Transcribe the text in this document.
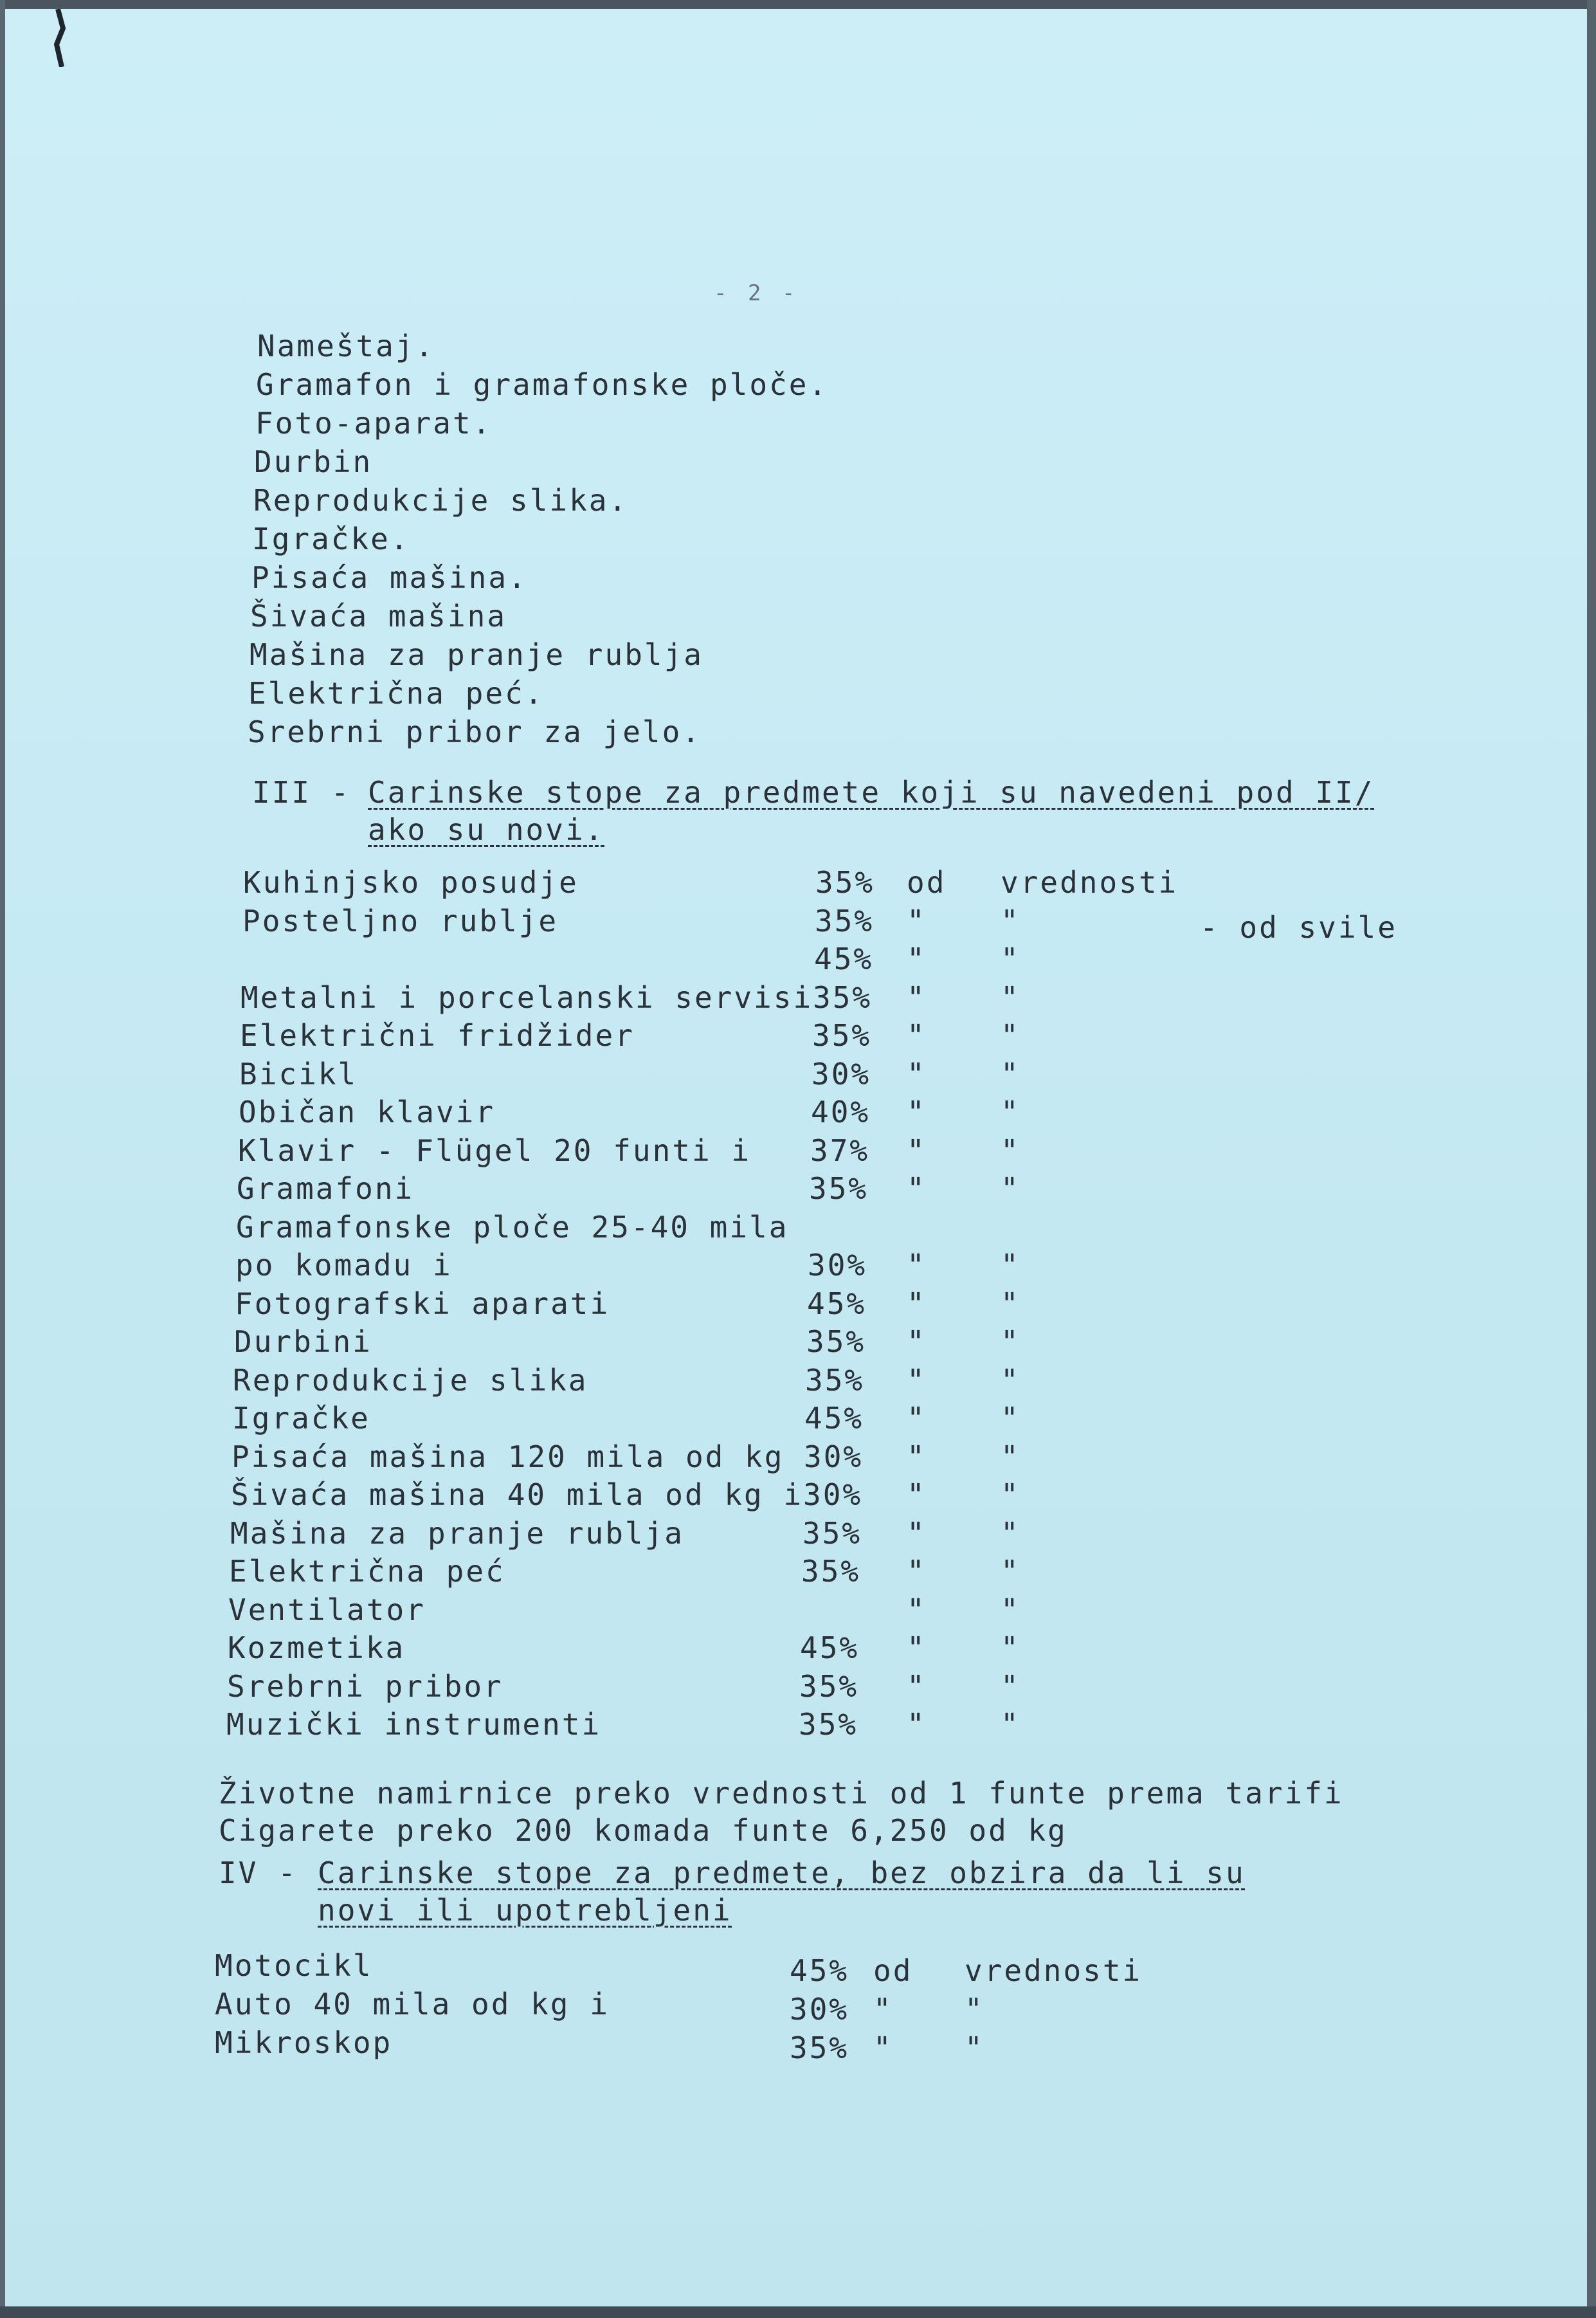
- 2 -
Nameštaj.
Gramafon i gramafonske ploče.
Foto-aparat.
Durbin
Reprodukcije slika.
Igračke.
Pisaća mašina.
Šivaća mašina
Mašina za pranje rublja
Električna peć.
Srebrni pribor za jelo.
III - Carinske stope za predmete koji su navedeni pod II/
ako su novi.
Kuhinjsko posudje	35% od vrednosti
Posteljno rublje	35% "	"	- od svile
45% "	"
Metalni i porcelanski servisi 35% "	"
Električni fridžider	35% "	"
Bicikl	30% "	"
Običan klavir	40% "	"
Klavir - Flügel 20 funti i 37% "	"
Gramafoni	35% "	"
Gramafonske ploče 25-40 mila
po komadu i	30% "	"
Fotografski aparati	45% "	"
Durbini	35% "	"
Reprodukcije slika	35% "	"
Igračke	45% "	"
Pisaća mašina 120 mila od kg 30% "	"
Šivaća mašina 40 mila od kg i 30% "	"
Mašina za pranje rublja	35% "	"
Električna peć	35% "	"
Ventilator	"	"
Kozmetika	45% "	"
Srebrni pribor	35% "	"
Muzički instrumenti	35% "	"
Životne namirnice preko vrednosti od 1 funte prema tarifi
Cigarete preko 200 komada funte 6,250 od kg
IV - Carinske stope za predmete, bez obzira da li su
novi ili upotrebljeni
Motocikl	45% od vrednosti
Auto 40 mila od kg i	30% " "
Mikroskop	35% " "
